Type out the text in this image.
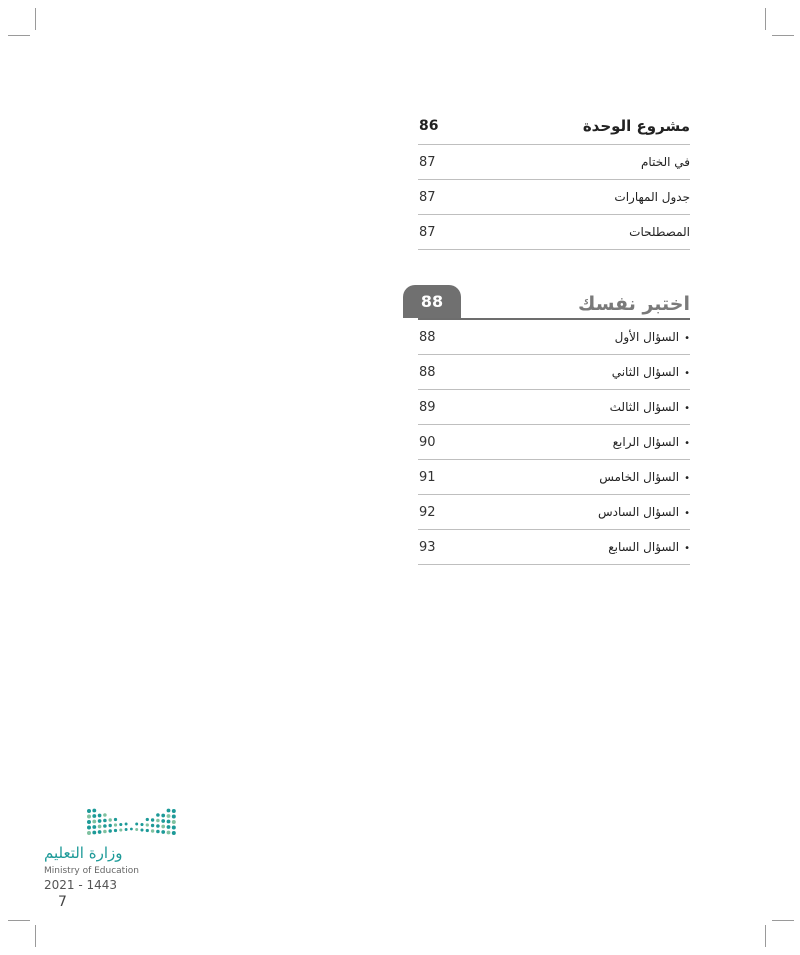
86	مشروع الوحدة
87	في الختام
87	جدول المهارات
87	المصطلحات
88	اختبر نفسك
88	•السؤال الأول
88	•السؤال الثاني
89	•السؤال الثالث
90	•السؤال الرابع
91	•السؤال الخامس
92	•السؤال السادس
93	•السؤال السابع
وزارة التعليم
Ministry of Education
2021 - 1443
7
